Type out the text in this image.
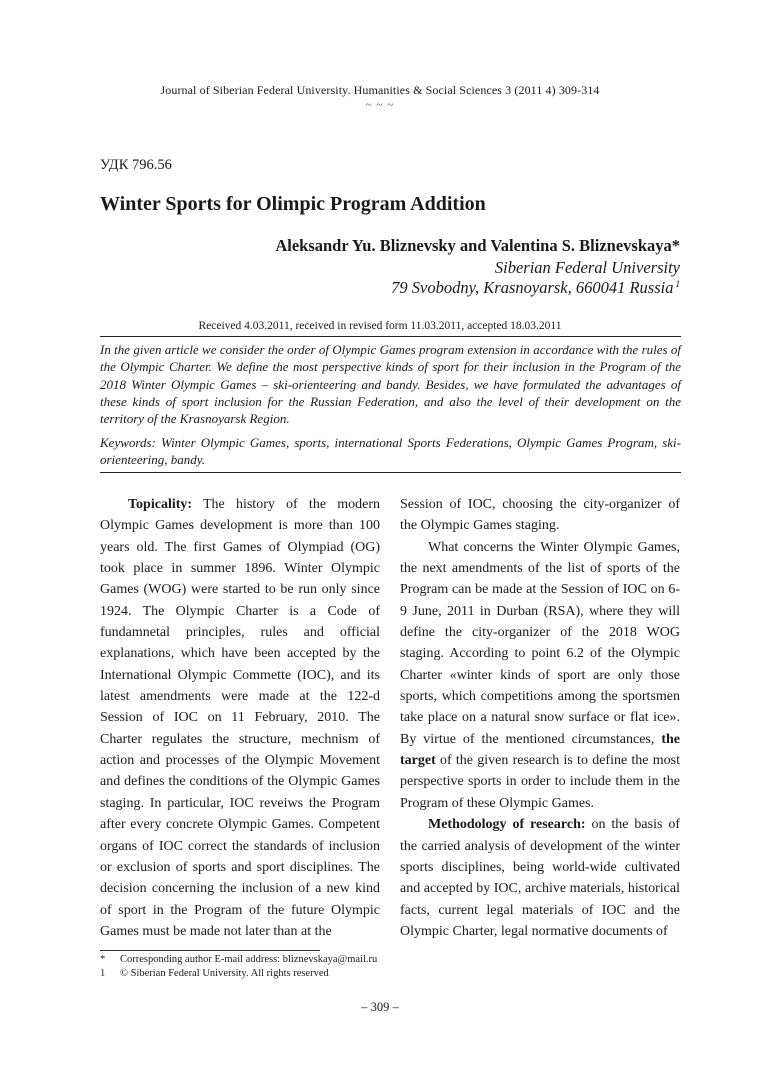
Journal of Siberian Federal University. Humanities & Social Sciences 3 (2011 4) 309-314
~ ~ ~
УДК 796.56
Winter Sports for Olimpic Program Addition
Aleksandr Yu. Bliznevsky and Valentina S. Bliznevskaya*
Siberian Federal University
79 Svobodny, Krasnoyarsk, 660041 Russia $^1$
Received 4.03.2011, received in revised form 11.03.2011, accepted 18.03.2011

In the given article we consider the order of Olympic Games program extension in accordance with the rules of the Olympic Charter. We define the most perspective kinds of sport for their inclusion in the Program of the 2018 Winter Olympic Games – ski-orienteering and bandy. Besides, we have formulated the advantages of these kinds of sport inclusion for the Russian Federation, and also the level of their development on the territory of the Krasnoyarsk Region.

Keywords: Winter Olympic Games, sports, international Sports Federations, Olympic Games Program, ski-orienteering, bandy.

Topicality: The history of the modern Olympic Games development is more than 100 years old. The first Games of Olympiad (OG) took place in summer 1896. Winter Olympic Games (WOG) were started to be run only since 1924. The Olympic Charter is a Code of fundamnetal principles, rules and official explanations, which have been accepted by the International Olympic Commette (IOC), and its latest amendments were made at the 122-d Session of IOC on 11 February, 2010. The Charter regulates the structure, mechnism of action and processes of the Olympic Movement and defines the conditions of the Olympic Games staging. In particular, IOC reveiws the Program after every concrete Olympic Games. Competent organs of IOC correct the standards of inclusion or exclusion of sports and sport disciplines. The decision concerning the inclusion of a new kind of sport in the Program of the future Olympic Games must be made not later than at the

Session of IOC, choosing the city-organizer of the Olympic Games staging.

What concerns the Winter Olympic Games, the next amendments of the list of sports of the Program can be made at the Session of IOC on 6-9 June, 2011 in Durban (RSA), where they will define the city-organizer of the 2018 WOG staging. According to point 6.2 of the Olympic Charter «winter kinds of sport are only those sports, which competitions among the sportsmen take place on a natural snow surface or flat ice». By virtue of the mentioned circumstances, the target of the given research is to define the most perspective sports in order to include them in the Program of these Olympic Games.

Methodology of research: on the basis of the carried analysis of development of the winter sports disciplines, being world-wide cultivated and accepted by IOC, archive materials, historical facts, current legal materials of IOC and the Olympic Charter, legal normative documents of

* Corresponding author E-mail address: bliznevskaya@mail.ru
1 © Siberian Federal University. All rights reserved
– 309 –
